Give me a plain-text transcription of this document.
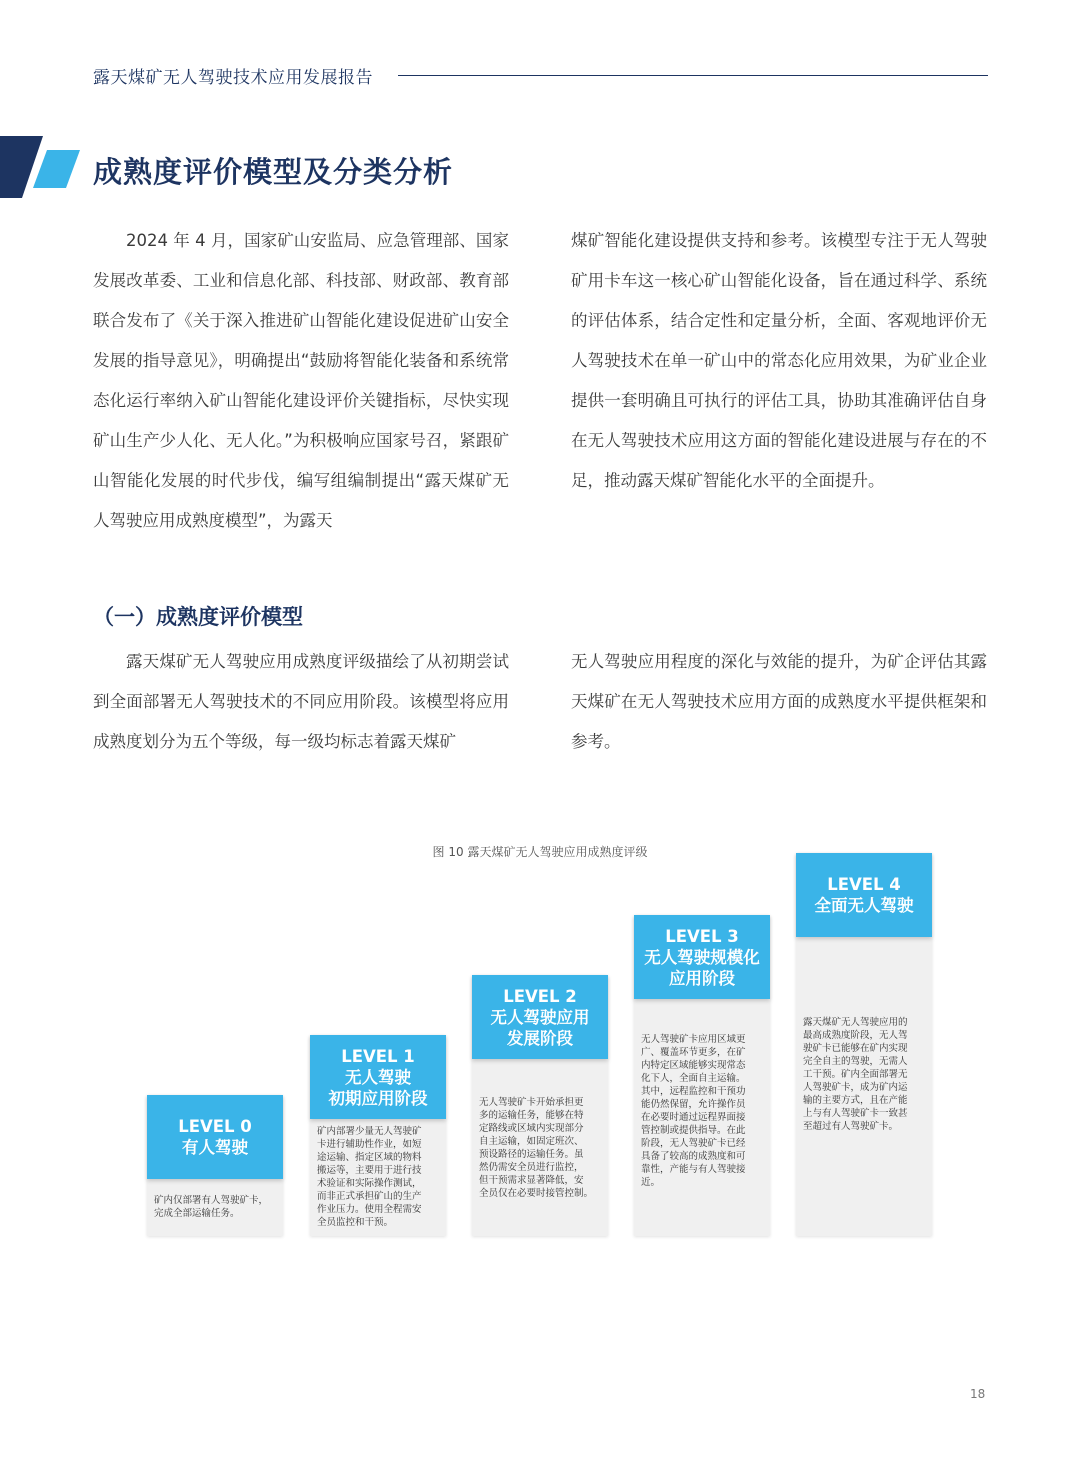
露天煤矿无人驾驶技术应用发展报告
成熟度评价模型及分类分析

2024 年 4 月，国家矿山安监局、应急管理部、国家发展改革委、工业和信息化部、科技部、财政部、教育部联合发布了《关于深入推进矿山智能化建设促进矿山安全发展的指导意见》，明确提出“鼓励将智能化装备和系统常态化运行率纳入矿山智能化建设评价关键指标，尽快实现矿山生产少人化、无人化。”为积极响应国家号召，紧跟矿山智能化发展的时代步伐，编写组编制提出“露天煤矿无人驾驶应用成熟度模型”，为露天

煤矿智能化建设提供支持和参考。该模型专注于无人驾驶矿用卡车这一核心矿山智能化设备，旨在通过科学、系统的评估体系，结合定性和定量分析，全面、客观地评价无人驾驶技术在单一矿山中的常态化应用效果，为矿业企业提供一套明确且可执行的评估工具，协助其准确评估自身在无人驾驶技术应用这方面的智能化建设进展与存在的不足，推动露天煤矿智能化水平的全面提升。

（一）成熟度评价模型

露天煤矿无人驾驶应用成熟度评级描绘了从初期尝试到全面部署无人驾驶技术的不同应用阶段。该模型将应用成熟度划分为五个等级，每一级均标志着露天煤矿

无人驾驶应用程度的深化与效能的提升，为矿企评估其露天煤矿在无人驾驶技术应用方面的成熟度水平提供框架和参考。

图 10 露天煤矿无人驾驶应用成熟度评级
LEVEL 0
有人驾驶
矿内仅部署有人驾驶矿卡，
完成全部运输任务。
LEVEL 1
无人驾驶
初期应用阶段
矿内部署少量无人驾驶矿
卡进行辅助性作业，如短
途运输、指定区域的物料
搬运等，主要用于进行技
术验证和实际操作测试，
而非正式承担矿山的生产
作业压力。使用全程需安
全员监控和干预。
LEVEL 2
无人驾驶应用
发展阶段
无人驾驶矿卡开始承担更
多的运输任务，能够在特
定路线或区域内实现部分
自主运输，如固定班次、
预设路径的运输任务。虽
然仍需安全员进行监控，
但干预需求显著降低，安
全员仅在必要时接管控制。
LEVEL 3
无人驾驶规模化
应用阶段
无人驾驶矿卡应用区域更
广、覆盖环节更多，在矿
内特定区域能够实现常态
化下人，全面自主运输。
其中，远程监控和干预功
能仍然保留，允许操作员
在必要时通过远程界面接
管控制或提供指导。在此
阶段，无人驾驶矿卡已经
具备了较高的成熟度和可
靠性，产能与有人驾驶接
近。
LEVEL 4
全面无人驾驶
露天煤矿无人驾驶应用的
最高成熟度阶段，无人驾
驶矿卡已能够在矿内实现
完全自主的驾驶，无需人
工干预。矿内全面部署无
人驾驶矿卡，成为矿内运
输的主要方式，且在产能
上与有人驾驶矿卡一致甚
至超过有人驾驶矿卡。
18
